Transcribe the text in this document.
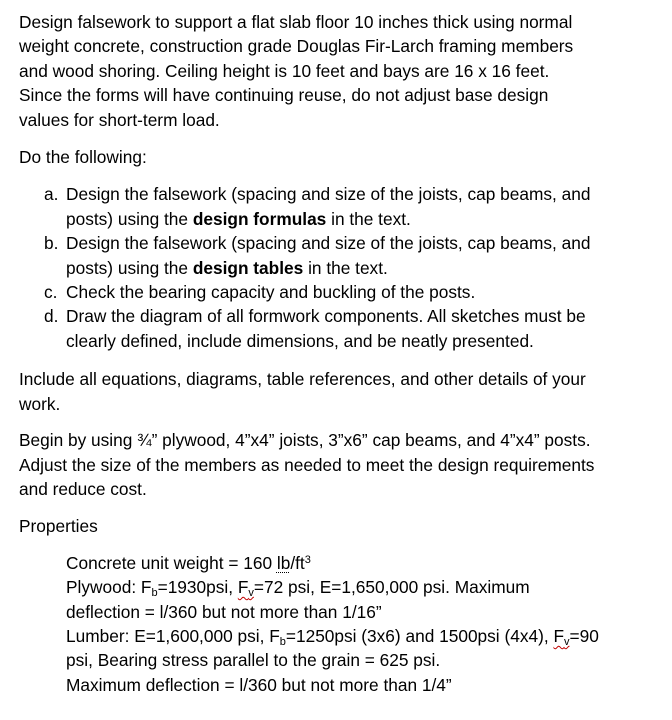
Design falsework to support a flat slab floor 10 inches thick using normal
weight concrete, construction grade Douglas Fir-Larch framing members
and wood shoring. Ceiling height is 10 feet and bays are 16 x 16 feet.
Since the forms will have continuing reuse, do not adjust base design
values for short-term load.

Do the following:

a. Design the falsework (spacing and size of the joists, cap beams, and
posts) using the design formulas in the text.
b. Design the falsework (spacing and size of the joists, cap beams, and
posts) using the design tables in the text.
c. Check the bearing capacity and buckling of the posts.
d. Draw the diagram of all formwork components. All sketches must be
clearly defined, include dimensions, and be neatly presented.

Include all equations, diagrams, table references, and other details of your
work.

Begin by using ¾” plywood, 4”x4” joists, 3”x6” cap beams, and 4”x4” posts.
Adjust the size of the members as needed to meet the design requirements
and reduce cost.

Properties

Concrete unit weight = 160 $lb/ft^3$

Plywood: $F_b=1930psi$, $F_v=72$ psi, E=1,650,000 psi. Maximum
deflection = l/360 but not more than 1/16”

Lumber: E=1,600,000 psi, $F_b=1250psi$ (3x6) and 1500psi (4x4), $F_v=90$
psi, Bearing stress parallel to the grain = 625 psi.
Maximum deflection = l/360 but not more than 1/4”
